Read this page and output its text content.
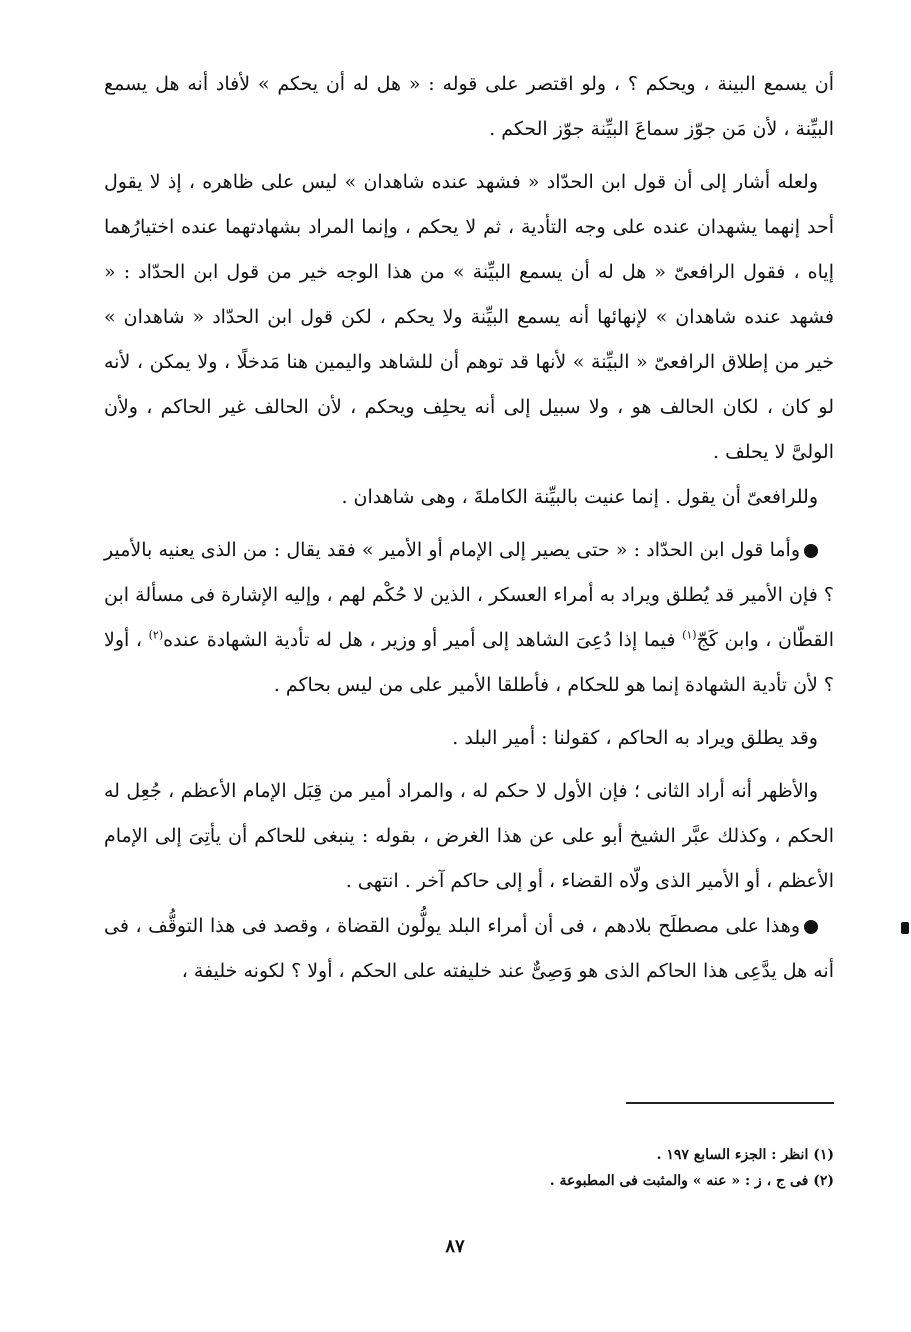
أن يسمع البينة ، ويحكم ؟ ، ولو اقتصر على قوله : « هل له أن يحكم » لأفاد أنه هل يسمع البيِّنة ، لأن مَن جوّز سماعَ البيِّنة جوّز الحكم .

ولعله أشار إلى أن قول ابن الحدّاد « فشهد عنده شاهدان » ليس على ظاهره ، إذ لا يقول أحد إنهما يشهدان عنده على وجه التأدية ، ثم لا يحكم ، وإنما المراد بشهادتهما عنده اختيارُهما إياه ، فقول الرافعىّ « هل له أن يسمع البيِّنة » من هذا الوجه خير من قول ابن الحدّاد : « فشهد عنده شاهدان » لإنهائها أنه يسمع البيِّنة ولا يحكم ، لكن قول ابن الحدّاد « شاهدان » خير من إطلاق الرافعىّ « البيِّنة » لأنها قد توهم أن للشاهد واليمين هنا مَدخلًا ، ولا يمكن ، لأنه لو كان ، لكان الحالف هو ، ولا سبيل إلى أنه يحلِف ويحكم ، لأن الحالف غير الحاكم ، ولأن الولىَّ لا يحلف .

وللرافعىّ أن يقول . إنما عنيت بالبيِّنة الكاملةَ ، وهى شاهدان .

وأما قول ابن الحدّاد : « حتى يصير إلى الإمام أو الأمير » فقد يقال : من الذى يعنيه بالأمير ؟ فإن الأمير قد يُطلق ويراد به أمراء العسكر ، الذين لا حُكْم لهم ، وإليه الإشارة فى مسألة ابن القطّان ، وابن كَجّ$^{(١)}$ فيما إذا دُعِىَ الشاهد إلى أمير أو وزير ، هل له تأدية الشهادة عنده$^{(٢)}$ ، أولا ؟ لأن تأدية الشهادة إنما هو للحكام ، فأطلقا الأمير على من ليس بحاكم .

وقد يطلق ويراد به الحاكم ، كقولنا : أمير البلد .

والأظهر أنه أراد الثانى ؛ فإن الأول لا حكم له ، والمراد أمير من قِبَل الإمام الأعظم ، جُعِل له الحكم ، وكذلك عبَّر الشيخ أبو على عن هذا الغرض ، بقوله : ينبغى للحاكم أن يأتِىَ إلى الإمام الأعظم ، أو الأمير الذى ولّاه القضاء ، أو إلى حاكم آخر . انتهى .

وهذا على مصطلَح بلادهم ، فى أن أمراء البلد يولُّون القضاة ، وقصد فى هذا التوقُّف ، فى أنه هل يدَّعِى هذا الحاكم الذى هو وَصِىٌّ عند خليفته على الحكم ، أولا ؟ لكونه خليفة ،

(١) انظر : الجزء السابع ١٩٧ .

(٢) فى ج ، ز : « عنه » والمثبت فى المطبوعة .

٨٧
